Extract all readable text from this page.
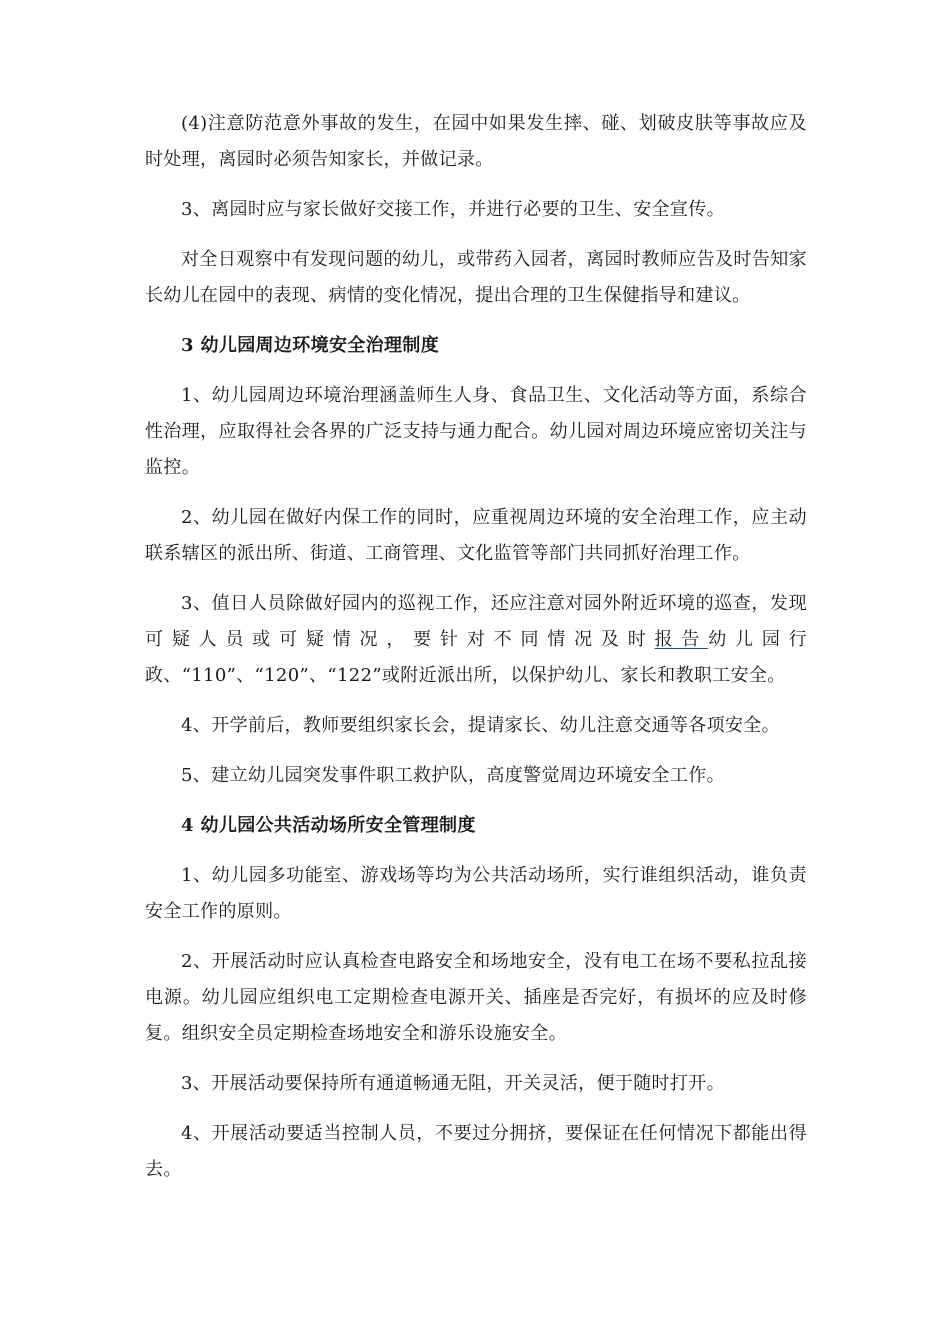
(4)注意防范意外事故的发生，在园中如果发生摔、碰、划破皮肤等事故应及时处理，离园时必须告知家长，并做记录。

3、离园时应与家长做好交接工作，并进行必要的卫生、安全宣传。

对全日观察中有发现问题的幼儿，或带药入园者，离园时教师应告及时告知家长幼儿在园中的表现、病情的变化情况，提出合理的卫生保健指导和建议。

3 幼儿园周边环境安全治理制度

1、幼儿园周边环境治理涵盖师生人身、食品卫生、文化活动等方面，系综合性治理，应取得社会各界的广泛支持与通力配合。幼儿园对周边环境应密切关注与监控。

2、幼儿园在做好内保工作的同时，应重视周边环境的安全治理工作，应主动联系辖区的派出所、街道、工商管理、文化监管等部门共同抓好治理工作。

3、值日人员除做好园内的巡视工作，还应注意对园外附近环境的巡查，发现可疑人员或可疑情况，要针对不同情况及时报告幼儿园行政、“110”、“120”、“122”或附近派出所，以保护幼儿、家长和教职工安全。

4、开学前后，教师要组织家长会，提请家长、幼儿注意交通等各项安全。

5、建立幼儿园突发事件职工救护队，高度警觉周边环境安全工作。

4 幼儿园公共活动场所安全管理制度

1、幼儿园多功能室、游戏场等均为公共活动场所，实行谁组织活动，谁负责安全工作的原则。

2、开展活动时应认真检查电路安全和场地安全，没有电工在场不要私拉乱接电源。幼儿园应组织电工定期检查电源开关、插座是否完好，有损坏的应及时修复。组织安全员定期检查场地安全和游乐设施安全。

3、开展活动要保持所有通道畅通无阻，开关灵活，便于随时打开。

4、开展活动要适当控制人员，不要过分拥挤，要保证在任何情况下都能出得去。
